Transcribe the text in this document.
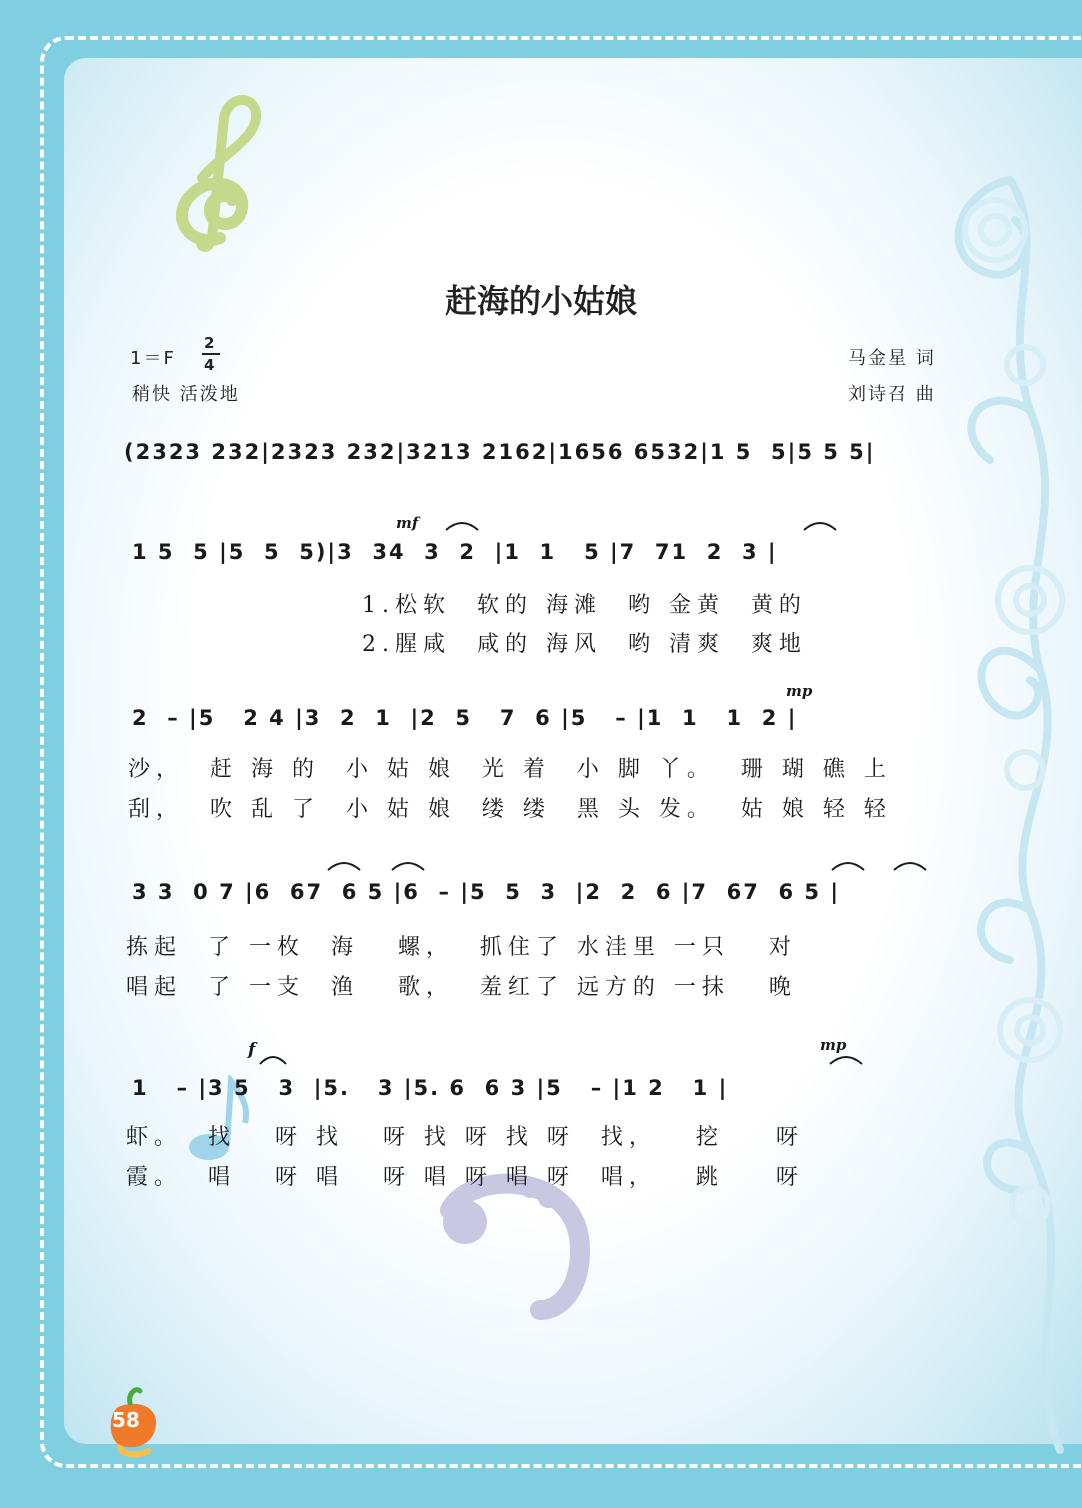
赶海的小姑娘
1＝F
2
4
稍快 活泼地
马金星 词
刘诗召 曲
(2323 232|2323 232|3213 2162|1656 6532|1 5  5|5 5 5|
mf
1 5  5 |5  5  5)|3  34  3  2  |1  1   5 |7  71  2  3 |
1.松软  软的 海滩  哟 金黄  黄的
2.腥咸  咸的 海风  哟 清爽  爽地
mp
2  – |5   2 4 |3  2  1  |2  5   7  6 |5   – |1  1   1  2 |
沙，  赶 海 的  小 姑 娘  光 着  小 脚 丫。  珊 瑚 礁 上
刮，  吹 乱 了  小 姑 娘  缕 缕  黑 头 发。  姑 娘 轻 轻
3 3  0 7 |6  67  6 5 |6  – |5  5  3  |2  2  6 |7  67  6 5 |
拣起  了 一枚  海   螺，  抓住了 水洼里 一只   对
唱起  了 一支  渔   歌，  羞红了 远方的 一抹   晚
f	mp
1   – |3 5   3  |5.   3 |5. 6  6 3 |5   – |1 2   1 |
虾。  找   呀 找   呀 找 呀 找 呀  找，   挖    呀
霞。  唱   呀 唱   呀 唱 呀 唱 呀  唱，   跳    呀
58
